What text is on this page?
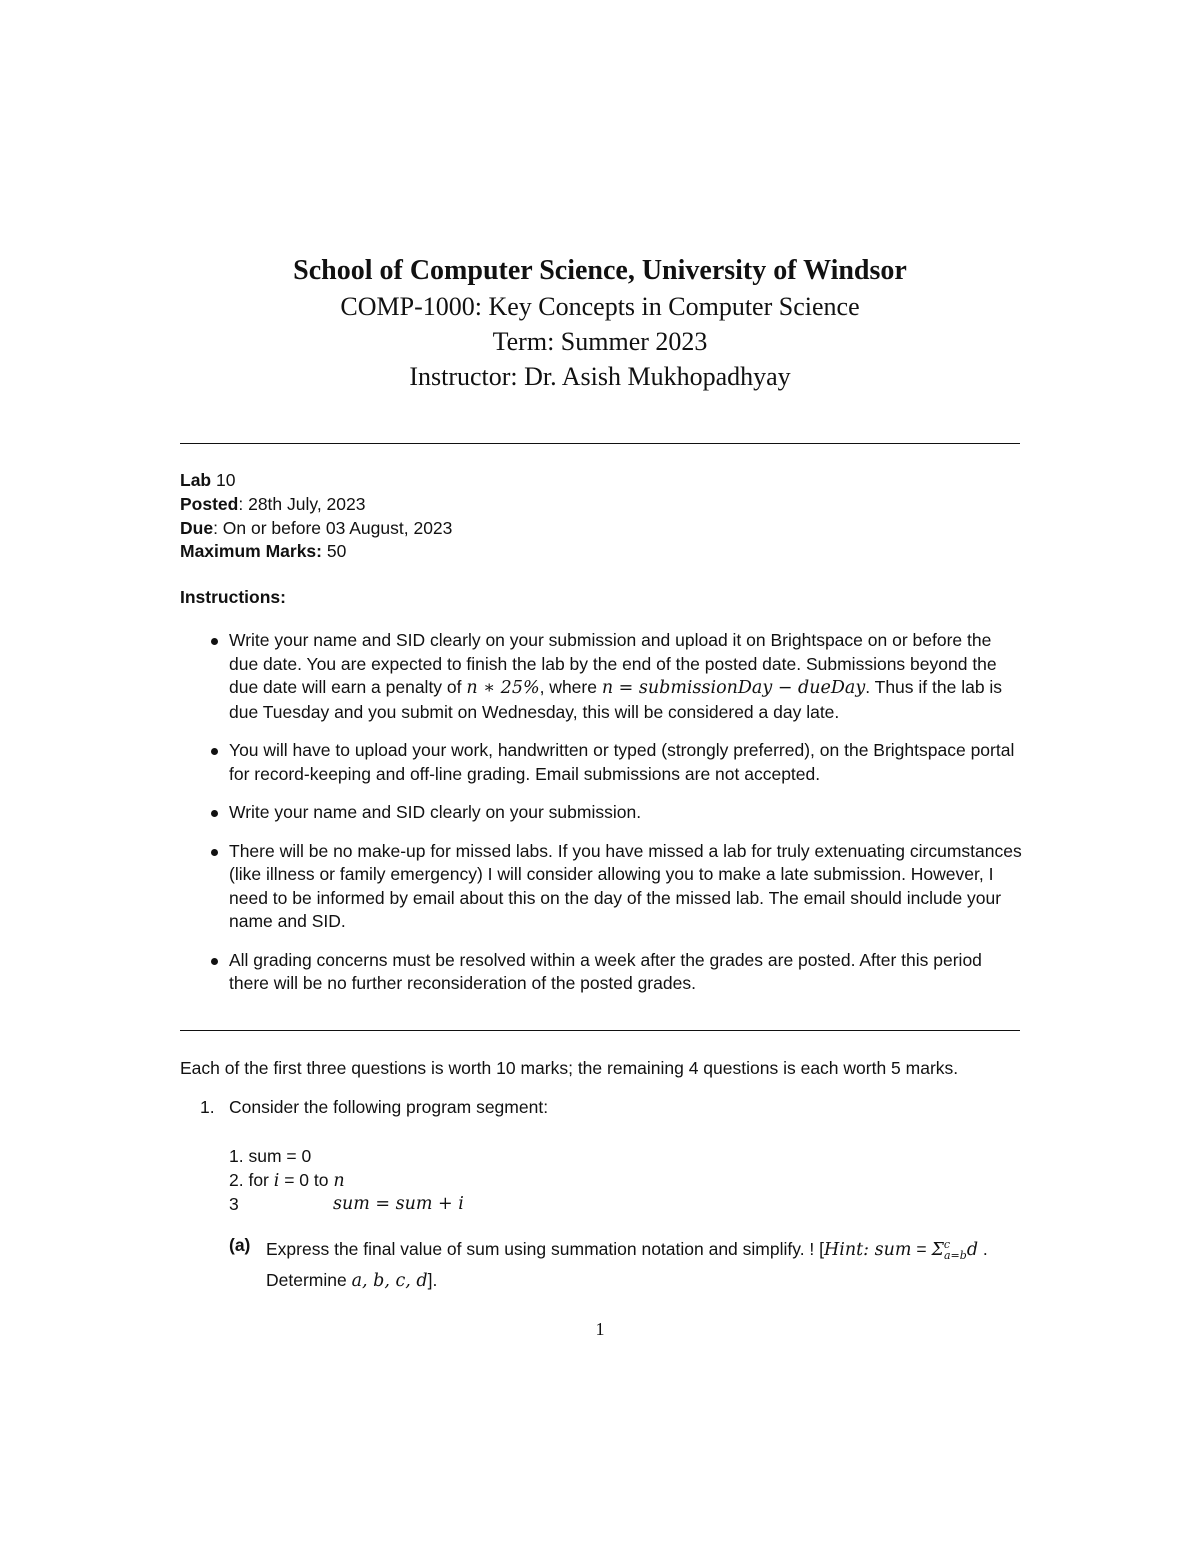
School of Computer Science, University of Windsor
COMP-1000: Key Concepts in Computer Science
Term: Summer 2023
Instructor: Dr. Asish Mukhopadhyay
Lab 10
Posted: 28th July, 2023
Due: On or before 03 August, 2023
Maximum Marks: 50
Instructions:
Write your name and SID clearly on your submission and upload it on Brightspace on or before the due date. You are expected to finish the lab by the end of the posted date. Submissions beyond the due date will earn a penalty of n ∗ 25%, where n = submissionDay − dueDay. Thus if the lab is due Tuesday and you submit on Wednesday, this will be considered a day late.
You will have to upload your work, handwritten or typed (strongly preferred), on the Brightspace portal for record-keeping and off-line grading. Email submissions are not accepted.
Write your name and SID clearly on your submission.
There will be no make-up for missed labs. If you have missed a lab for truly extenuating circumstances (like illness or family emergency) I will consider allowing you to make a late submission. However, I need to be informed by email about this on the day of the missed lab. The email should include your name and SID.
All grading concerns must be resolved within a week after the grades are posted. After this period there will be no further reconsideration of the posted grades.
Each of the first three questions is worth 10 marks; the remaining 4 questions is each worth 5 marks.
1. Consider the following program segment:
1. sum = 0
2. for i = 0 to n
3	sum = sum + i
(a) Express the final value of sum using summation notation and simplify. ! [Hint: sum = $\Sigma^c_{a=b}d$ . Determine a, b, c, d].
1
